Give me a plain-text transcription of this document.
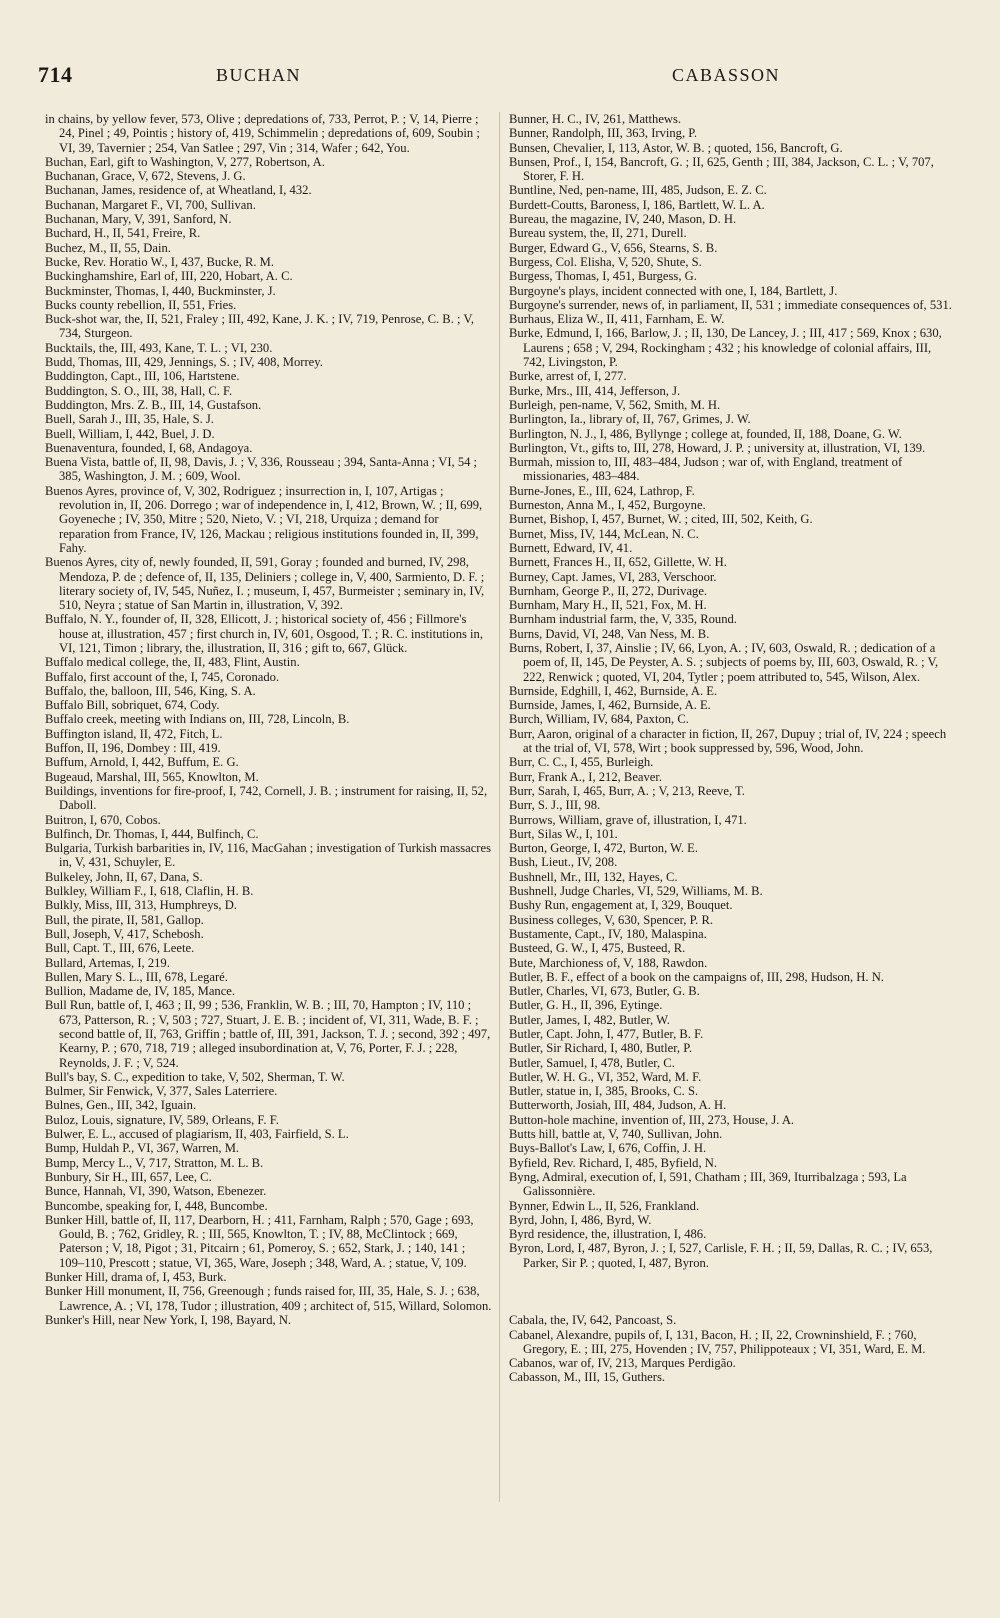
714	BUCHAN	CABASSON

in chains, by yellow fever, 573, Olive ; depredations of, 733, Perrot, P. ; V, 14, Pierre ; 24, Pinel ; 49, Pointis ; history of, 419, Schimmelin ; depredations of, 609, Soubin ; VI, 39, Tavernier ; 254, Van Satlee ; 297, Vin ; 314, Wafer ; 642, You.

Buchan, Earl, gift to Washington, V, 277, Robertson, A.

Buchanan, Grace, V, 672, Stevens, J. G.

Buchanan, James, residence of, at Wheatland, I, 432.

Buchanan, Margaret F., VI, 700, Sullivan.

Buchanan, Mary, V, 391, Sanford, N.

Buchard, H., II, 541, Freire, R.

Buchez, M., II, 55, Dain.

Bucke, Rev. Horatio W., I, 437, Bucke, R. M.

Buckinghamshire, Earl of, III, 220, Hobart, A. C.

Buckminster, Thomas, I, 440, Buckminster, J.

Bucks county rebellion, II, 551, Fries.

Buck-shot war, the, II, 521, Fraley ; III, 492, Kane, J. K. ; IV, 719, Penrose, C. B. ; V, 734, Sturgeon.

Bucktails, the, III, 493, Kane, T. L. ; VI, 230.

Budd, Thomas, III, 429, Jennings, S. ; IV, 408, Morrey.

Buddington, Capt., III, 106, Hartstene.

Buddington, S. O., III, 38, Hall, C. F.

Buddington, Mrs. Z. B., III, 14, Gustafson.

Buell, Sarah J., III, 35, Hale, S. J.

Buell, William, I, 442, Buel, J. D.

Buenaventura, founded, I, 68, Andagoya.

Buena Vista, battle of, II, 98, Davis, J. ; V, 336, Rousseau ; 394, Santa-Anna ; VI, 54 ; 385, Washington, J. M. ; 609, Wool.

Buenos Ayres, province of, V, 302, Rodriguez ; insurrection in, I, 107, Artigas ; revolution in, II, 206. Dorrego ; war of independence in, I, 412, Brown, W. ; II, 699, Goyeneche ; IV, 350, Mitre ; 520, Nieto, V. ; VI, 218, Urquiza ; demand for reparation from France, IV, 126, Mackau ; religious institutions founded in, II, 399, Fahy.

Buenos Ayres, city of, newly founded, II, 591, Goray ; founded and burned, IV, 298, Mendoza, P. de ; defence of, II, 135, Deliniers ; college in, V, 400, Sarmiento, D. F. ; literary society of, IV, 545, Nuñez, I. ; museum, I, 457, Burmeister ; seminary in, IV, 510, Neyra ; statue of San Martin in, illustration, V, 392.

Buffalo, N. Y., founder of, II, 328, Ellicott, J. ; historical society of, 456 ; Fillmore's house at, illustration, 457 ; first church in, IV, 601, Osgood, T. ; R. C. institutions in, VI, 121, Timon ; library, the, illustration, II, 316 ; gift to, 667, Glück.

Buffalo medical college, the, II, 483, Flint, Austin.

Buffalo, first account of the, I, 745, Coronado.

Buffalo, the, balloon, III, 546, King, S. A.

Buffalo Bill, sobriquet, 674, Cody.

Buffalo creek, meeting with Indians on, III, 728, Lincoln, B.

Buffington island, II, 472, Fitch, L.

Buffon, II, 196, Dombey : III, 419.

Buffum, Arnold, I, 442, Buffum, E. G.

Bugeaud, Marshal, III, 565, Knowlton, M.

Buildings, inventions for fire-proof, I, 742, Cornell, J. B. ; instrument for raising, II, 52, Daboll.

Buitron, I, 670, Cobos.

Bulfinch, Dr. Thomas, I, 444, Bulfinch, C.

Bulgaria, Turkish barbarities in, IV, 116, MacGahan ; investigation of Turkish massacres in, V, 431, Schuyler, E.

Bulkeley, John, II, 67, Dana, S.

Bulkley, William F., I, 618, Claflin, H. B.

Bulkly, Miss, III, 313, Humphreys, D.

Bull, the pirate, II, 581, Gallop.

Bull, Joseph, V, 417, Schebosh.

Bull, Capt. T., III, 676, Leete.

Bullard, Artemas, I, 219.

Bullen, Mary S. L., III, 678, Legaré.

Bullion, Madame de, IV, 185, Mance.

Bull Run, battle of, I, 463 ; II, 99 ; 536, Franklin, W. B. ; III, 70, Hampton ; IV, 110 ; 673, Patterson, R. ; V, 503 ; 727, Stuart, J. E. B. ; incident of, VI, 311, Wade, B. F. ; second battle of, II, 763, Griffin ; battle of, III, 391, Jackson, T. J. ; second, 392 ; 497, Kearny, P. ; 670, 718, 719 ; alleged insubordination at, V, 76, Porter, F. J. ; 228, Reynolds, J. F. ; V, 524.

Bull's bay, S. C., expedition to take, V, 502, Sherman, T. W.

Bulmer, Sir Fenwick, V, 377, Sales Laterriere.

Bulnes, Gen., III, 342, Iguain.

Buloz, Louis, signature, IV, 589, Orleans, F. F.

Bulwer, E. L., accused of plagiarism, II, 403, Fairfield, S. L.

Bump, Huldah P., VI, 367, Warren, M.

Bump, Mercy L., V, 717, Stratton, M. L. B.

Bunbury, Sir H., III, 657, Lee, C.

Bunce, Hannah, VI, 390, Watson, Ebenezer.

Buncombe, speaking for, I, 448, Buncombe.

Bunker Hill, battle of, II, 117, Dearborn, H. ; 411, Farnham, Ralph ; 570, Gage ; 693, Gould, B. ; 762, Gridley, R. ; III, 565, Knowlton, T. ; IV, 88, McClintock ; 669, Paterson ; V, 18, Pigot ; 31, Pitcairn ; 61, Pomeroy, S. ; 652, Stark, J. ; 140, 141 ; 109–110, Prescott ; statue, VI, 365, Ware, Joseph ; 348, Ward, A. ; statue, V, 109.

Bunker Hill, drama of, I, 453, Burk.

Bunker Hill monument, II, 756, Greenough ; funds raised for, III, 35, Hale, S. J. ; 638, Lawrence, A. ; VI, 178, Tudor ; illustration, 409 ; architect of, 515, Willard, Solomon.

Bunker's Hill, near New York, I, 198, Bayard, N.

Bunner, H. C., IV, 261, Matthews.

Bunner, Randolph, III, 363, Irving, P.

Bunsen, Chevalier, I, 113, Astor, W. B. ; quoted, 156, Bancroft, G.

Bunsen, Prof., I, 154, Bancroft, G. ; II, 625, Genth ; III, 384, Jackson, C. L. ; V, 707, Storer, F. H.

Buntline, Ned, pen-name, III, 485, Judson, E. Z. C.

Burdett-Coutts, Baroness, I, 186, Bartlett, W. L. A.

Bureau, the magazine, IV, 240, Mason, D. H.

Bureau system, the, II, 271, Durell.

Burger, Edward G., V, 656, Stearns, S. B.

Burgess, Col. Elisha, V, 520, Shute, S.

Burgess, Thomas, I, 451, Burgess, G.

Burgoyne's plays, incident connected with one, I, 184, Bartlett, J.

Burgoyne's surrender, news of, in parliament, II, 531 ; immediate consequences of, 531.

Burhaus, Eliza W., II, 411, Farnham, E. W.

Burke, Edmund, I, 166, Barlow, J. ; II, 130, De Lancey, J. ; III, 417 ; 569, Knox ; 630, Laurens ; 658 ; V, 294, Rockingham ; 432 ; his knowledge of colonial affairs, III, 742, Livingston, P.

Burke, arrest of, I, 277.

Burke, Mrs., III, 414, Jefferson, J.

Burleigh, pen-name, V, 562, Smith, M. H.

Burlington, Ia., library of, II, 767, Grimes, J. W.

Burlington, N. J., I, 486, Byllynge ; college at, founded, II, 188, Doane, G. W.

Burlington, Vt., gifts to, III, 278, Howard, J. P. ; university at, illustration, VI, 139.

Burmah, mission to, III, 483–484, Judson ; war of, with England, treatment of missionaries, 483–484.

Burne-Jones, E., III, 624, Lathrop, F.

Burneston, Anna M., I, 452, Burgoyne.

Burnet, Bishop, I, 457, Burnet, W. ; cited, III, 502, Keith, G.

Burnet, Miss, IV, 144, McLean, N. C.

Burnett, Edward, IV, 41.

Burnett, Frances H., II, 652, Gillette, W. H.

Burney, Capt. James, VI, 283, Verschoor.

Burnham, George P., II, 272, Durivage.

Burnham, Mary H., II, 521, Fox, M. H.

Burnham industrial farm, the, V, 335, Round.

Burns, David, VI, 248, Van Ness, M. B.

Burns, Robert, I, 37, Ainslie ; IV, 66, Lyon, A. ; IV, 603, Oswald, R. ; dedication of a poem of, II, 145, De Peyster, A. S. ; subjects of poems by, III, 603, Oswald, R. ; V, 222, Renwick ; quoted, VI, 204, Tytler ; poem attributed to, 545, Wilson, Alex.

Burnside, Edghill, I, 462, Burnside, A. E.

Burnside, James, I, 462, Burnside, A. E.

Burch, William, IV, 684, Paxton, C.

Burr, Aaron, original of a character in fiction, II, 267, Dupuy ; trial of, IV, 224 ; speech at the trial of, VI, 578, Wirt ; book suppressed by, 596, Wood, John.

Burr, C. C., I, 455, Burleigh.

Burr, Frank A., I, 212, Beaver.

Burr, Sarah, I, 465, Burr, A. ; V, 213, Reeve, T.

Burr, S. J., III, 98.

Burrows, William, grave of, illustration, I, 471.

Burt, Silas W., I, 101.

Burton, George, I, 472, Burton, W. E.

Bush, Lieut., IV, 208.

Bushnell, Mr., III, 132, Hayes, C.

Bushnell, Judge Charles, VI, 529, Williams, M. B.

Bushy Run, engagement at, I, 329, Bouquet.

Business colleges, V, 630, Spencer, P. R.

Bustamente, Capt., IV, 180, Malaspina.

Busteed, G. W., I, 475, Busteed, R.

Bute, Marchioness of, V, 188, Rawdon.

Butler, B. F., effect of a book on the campaigns of, III, 298, Hudson, H. N.

Butler, Charles, VI, 673, Butler, G. B.

Butler, G. H., II, 396, Eytinge.

Butler, James, I, 482, Butler, W.

Butler, Capt. John, I, 477, Butler, B. F.

Butler, Sir Richard, I, 480, Butler, P.

Butler, Samuel, I, 478, Butler, C.

Butler, W. H. G., VI, 352, Ward, M. F.

Butler, statue in, I, 385, Brooks, C. S.

Butterworth, Josiah, III, 484, Judson, A. H.

Button-hole machine, invention of, III, 273, House, J. A.

Butts hill, battle at, V, 740, Sullivan, John.

Buys-Ballot's Law, I, 676, Coffin, J. H.

Byfield, Rev. Richard, I, 485, Byfield, N.

Byng, Admiral, execution of, I, 591, Chatham ; III, 369, Iturribalzaga ; 593, La Galissonnière.

Bynner, Edwin L., II, 526, Frankland.

Byrd, John, I, 486, Byrd, W.

Byrd residence, the, illustration, I, 486.

Byron, Lord, I, 487, Byron, J. ; I, 527, Carlisle, F. H. ; II, 59, Dallas, R. C. ; IV, 653, Parker, Sir P. ; quoted, I, 487, Byron.

Cabala, the, IV, 642, Pancoast, S.

Cabanel, Alexandre, pupils of, I, 131, Bacon, H. ; II, 22, Crowninshield, F. ; 760, Gregory, E. ; III, 275, Hovenden ; IV, 757, Philippoteaux ; VI, 351, Ward, E. M.

Cabanos, war of, IV, 213, Marques Perdigão.

Cabasson, M., III, 15, Guthers.
